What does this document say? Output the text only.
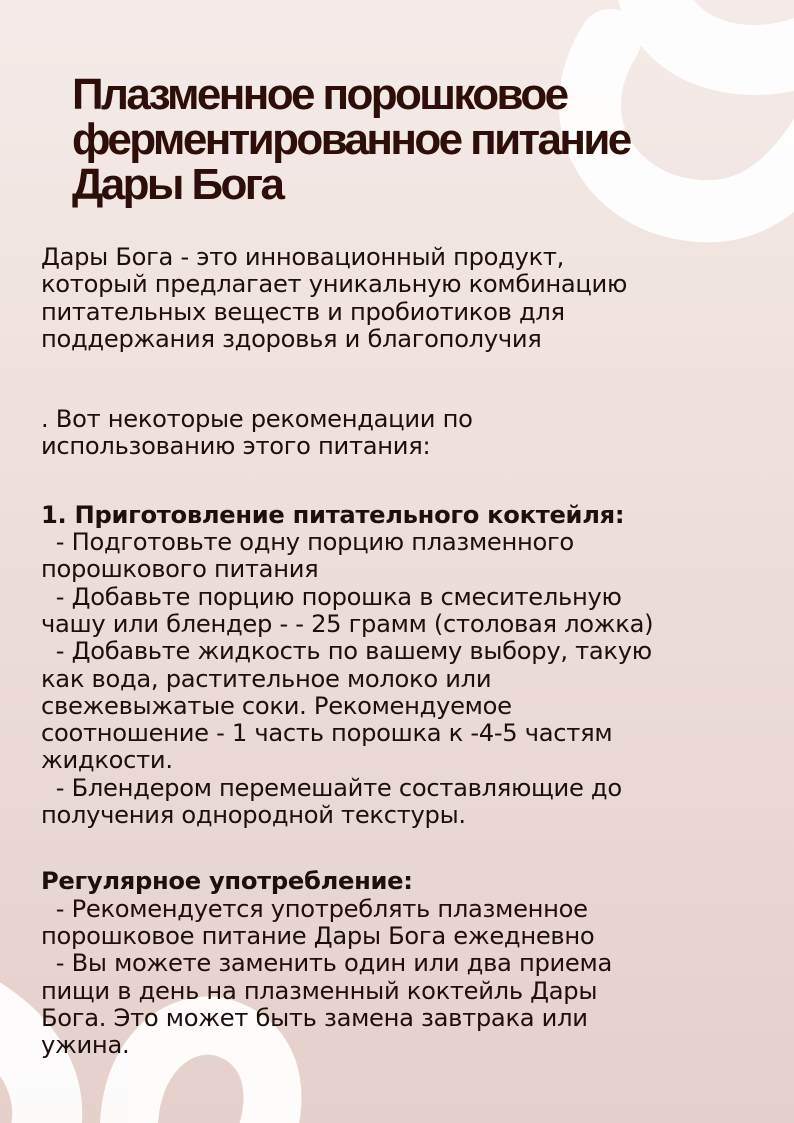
Плазменное порошковое
ферментированное питание
Дары Бога

Дары Бога - это инновационный продукт,
который предлагает уникальную комбинацию
питательных веществ и пробиотиков для
поддержания здоровья и благополучия

. Вот некоторые рекомендации по
использованию этого питания:

1. Приготовление питательного коктейля:
- Подготовьте одну порцию плазменного
порошкового питания
- Добавьте порцию порошка в смесительную
чашу или блендер - - 25 грамм (столовая ложка)
- Добавьте жидкость по вашему выбору, такую
как вода, растительное молоко или
свежевыжатые соки. Рекомендуемое
соотношение - 1 часть порошка к -4-5 частям
жидкости.
- Блендером перемешайте составляющие до
получения однородной текстуры.

Регулярное употребление:
- Рекомендуется употреблять плазменное
порошковое питание Дары Бога ежедневно
- Вы можете заменить один или два приема
пищи в день на плазменный коктейль Дары
Бога. Это может быть замена завтрака или
ужина.
